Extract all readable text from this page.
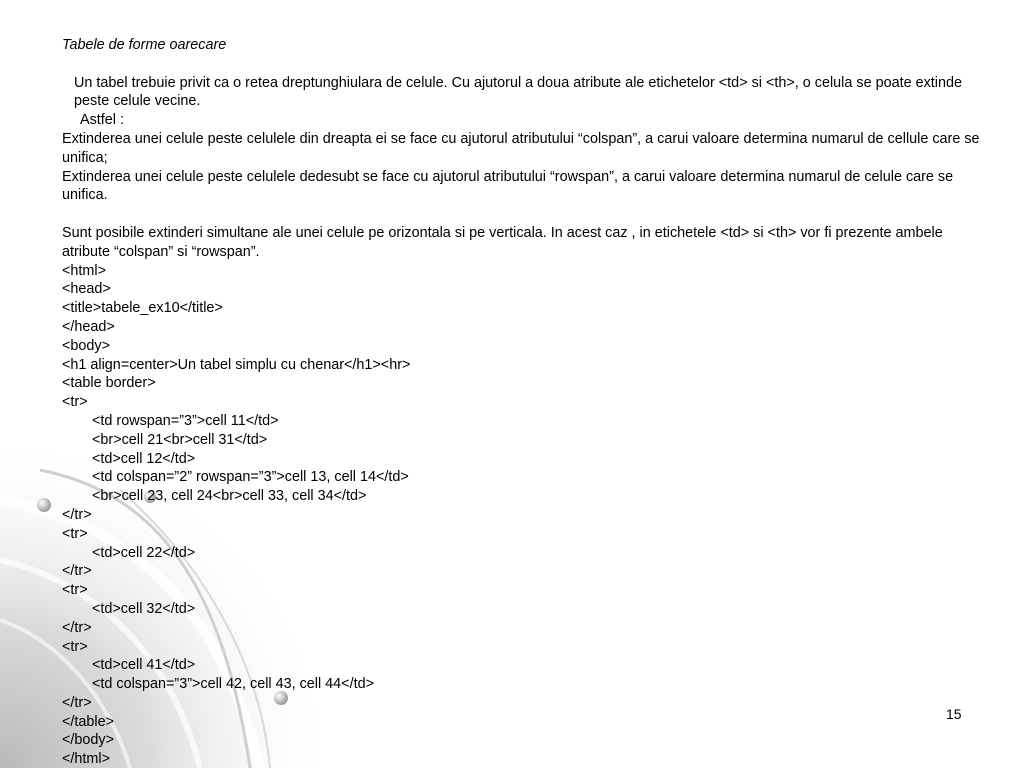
Tabele de forme oarecare

Un tabel trebuie privit ca o retea dreptunghiulara de celule. Cu ajutorul a doua atribute ale etichetelor <td> si <th>, o celula se poate extinde peste celule vecine.

Astfel :

Extinderea unei celule peste celulele din dreapta ei se face cu ajutorul atributului “colspan”, a carui valoare determina numarul de cellule care se unifica;

Extinderea unei celule peste celulele dedesubt se face cu ajutorul atributului “rowspan”, a carui valoare determina numarul de celule care se unifica.

Sunt posibile extinderi simultane ale unei celule pe orizontala si pe verticala. In acest caz , in etichetele <td> si <th> vor fi prezente ambele atribute “colspan” si “rowspan”.

<html>

<head>

<title>tabele_ex10</title>

</head>

<body>

<h1 align=center>Un tabel simplu cu chenar</h1><hr>

<table border>

<tr>

<td rowspan=”3”>cell 11</td>

<br>cell 21<br>cell 31</td>

<td>cell 12</td>

<td colspan=”2” rowspan=”3”>cell 13, cell 14</td>

<br>cell 23, cell 24<br>cell 33, cell 34</td>

</tr>

<tr>

<td>cell 22</td>

</tr>

<tr>

<td>cell 32</td>

</tr>

<tr>

<td>cell 41</td>

<td colspan=”3”>cell 42, cell 43, cell 44</td>

</tr>

</table>

</body>

</html>

15
